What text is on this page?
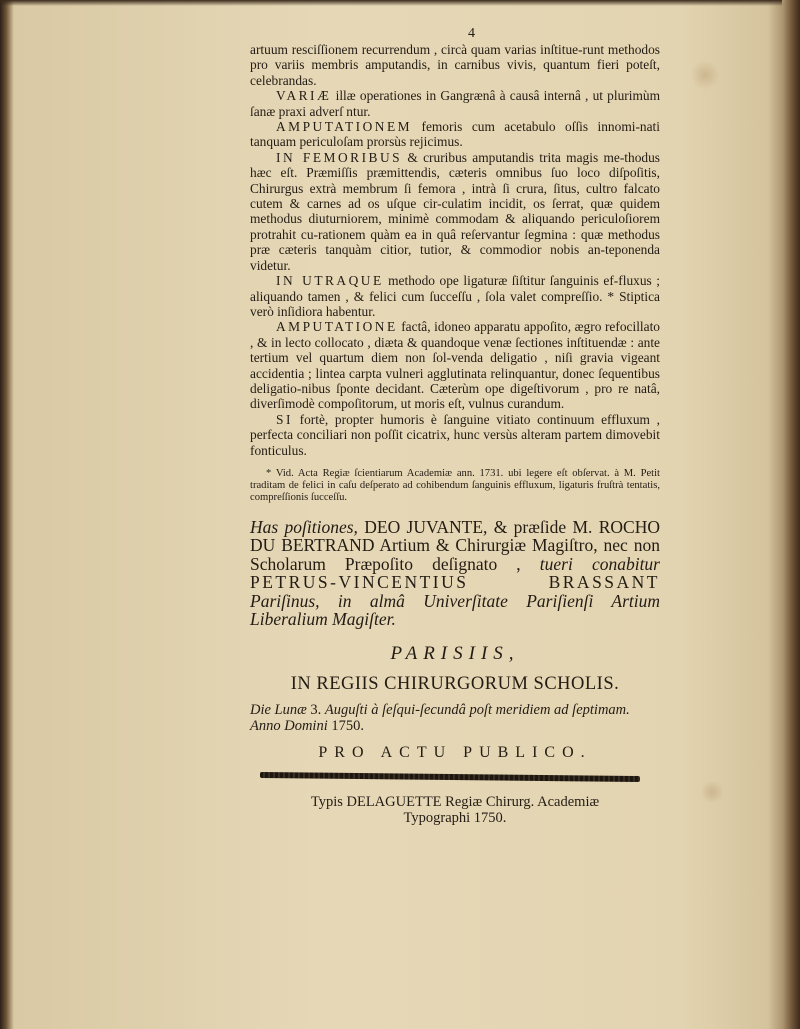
4

artuum resciſſionem recurrendum , circà quam varias inſtitue-runt methodos pro variis membris amputandis, in carnibus vivis, quantum fieri poteſt, celebrandas.

VARIÆ illæ operationes in Gangrænâ à causâ internâ , ut plurimùm ſanæ praxi adverſ ntur.

AMPUTATIONEM femoris cum acetabulo oſſis innomi-nati tanquam periculoſam prorsùs rejicimus.

IN FEMORIBUS & cruribus amputandis trita magis me-thodus hæc eſt. Præmiſſis præmittendis, cæteris omnibus ſuo loco diſpoſitis, Chirurgus extrà membrum ſi femora , intrà ſi crura, ſitus, cultro falcato cutem & carnes ad os uſque cir-culatim incidit, os ſerrat, quæ quidem methodus diuturniorem, minimè commodam & aliquando periculoſiorem protrahit cu-rationem quàm ea in quâ reſervantur ſegmina : quæ methodus præ cæteris tanquàm citior, tutior, & commodior nobis an-teponenda videtur.

IN UTRAQUE methodo ope ligaturæ ſiſtitur ſanguinis ef-fluxus ; aliquando tamen , & felici cum ſucceſſu , ſola valet compreſſio. * Stiptica verò inſidiora habentur.

AMPUTATIONE factâ, idoneo apparatu appoſito, ægro refocillato , & in lecto collocato , diæta & quandoque venæ ſectiones inſtituendæ : ante tertium vel quartum diem non ſol-venda deligatio , niſi gravia vigeant accidentia ; lintea carpta vulneri agglutinata relinquantur, donec ſequentibus deligatio-nibus ſponte decidant. Cæterùm ope digeſtivorum , pro re natâ, diverſimodè compoſitorum, ut moris eſt, vulnus curandum.

SI fortè, propter humoris è ſanguine vitiato continuum effluxum , perfecta conciliari non poſſit cicatrix, hunc versùs alteram partem dimovebit fonticulus.

* Vid. Acta Regiæ ſcientiarum Academiæ ann. 1731. ubi legere eſt obſervat. à M. Petit traditam de felici in caſu deſperato ad cohibendum ſanguinis effluxum, ligaturis fruſtrà tentatis, compreſſionis ſucceſſu.
Has poſitiones, DEO JUVANTE, & præſide M. ROCHO DU BERTRAND Artium & Chirurgiæ Magiſtro, nec non Scholarum Præpoſito deſignato , tueri conabitur PETRUS-VINCENTIUS BRASSANT Pariſinus, in almâ Univerſitate Pariſienſi Artium Liberalium Magiſter.
PARISIIS,
IN REGIIS CHIRURGORUM SCHOLIS.
Die Lunæ 3. Auguſti à ſeſqui-ſecundâ poſt meridiem ad ſeptimam. Anno Domini 1750.
PRO ACTU PUBLICO.
Typis DELAGUETTE Regiæ Chirurg. Academiæ
Typographi 1750.
